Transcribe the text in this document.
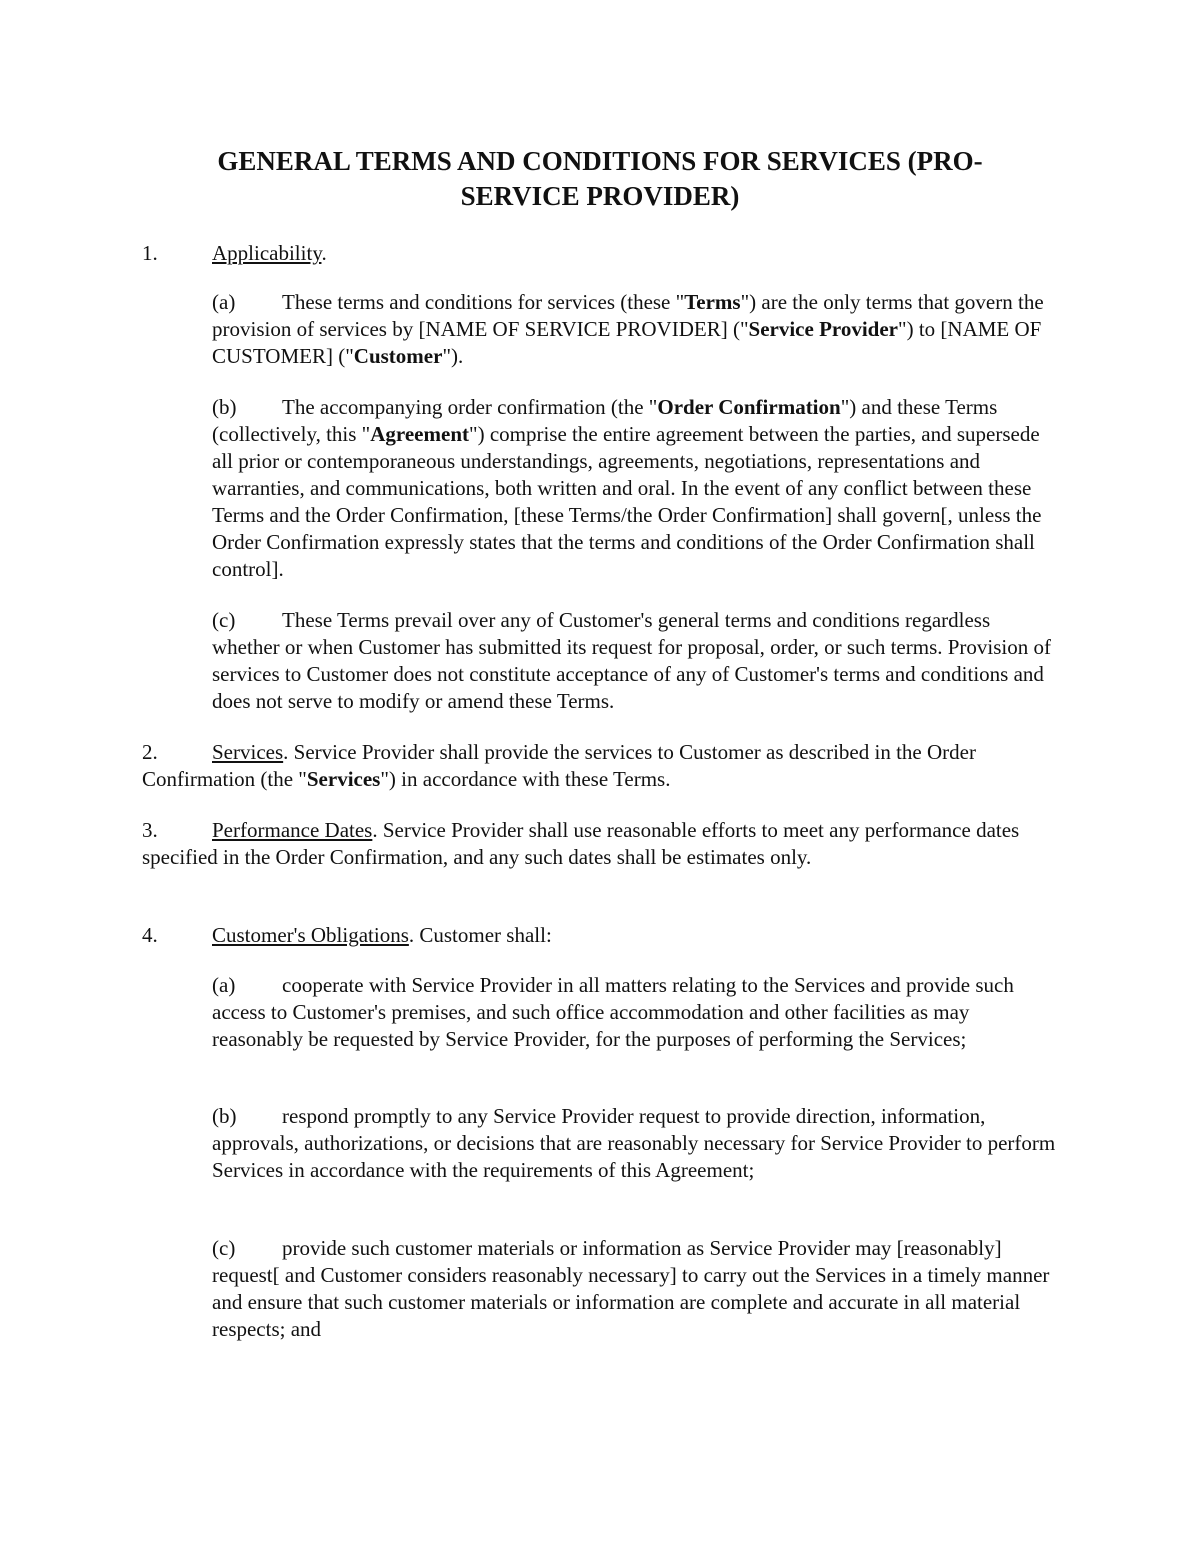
GENERAL TERMS AND CONDITIONS FOR SERVICES (PRO-
SERVICE PROVIDER)

1.	Applicability.

(a) These terms and conditions for services (these "Terms") are the only terms that govern the provision of services by [NAME OF SERVICE PROVIDER] ("Service Provider") to [NAME OF CUSTOMER] ("Customer").

(b) The accompanying order confirmation (the "Order Confirmation") and these Terms (collectively, this "Agreement") comprise the entire agreement between the parties, and supersede all prior or contemporaneous understandings, agreements, negotiations, representations and warranties, and communications, both written and oral. In the event of any conflict between these Terms and the Order Confirmation, [these Terms/the Order Confirmation] shall govern[, unless the Order Confirmation expressly states that the terms and conditions of the Order Confirmation shall control].

(c) These Terms prevail over any of Customer's general terms and conditions regardless whether or when Customer has submitted its request for proposal, order, or such terms. Provision of services to Customer does not constitute acceptance of any of Customer's terms and conditions and does not serve to modify or amend these Terms.

2.	Services. Service Provider shall provide the services to Customer as described in the Order Confirmation (the "Services") in accordance with these Terms.

3.	Performance Dates. Service Provider shall use reasonable efforts to meet any performance dates specified in the Order Confirmation, and any such dates shall be estimates only.

4.	Customer's Obligations. Customer shall:

(a) cooperate with Service Provider in all matters relating to the Services and provide such access to Customer's premises, and such office accommodation and other facilities as may reasonably be requested by Service Provider, for the purposes of performing the Services;

(b) respond promptly to any Service Provider request to provide direction, information, approvals, authorizations, or decisions that are reasonably necessary for Service Provider to perform Services in accordance with the requirements of this Agreement;

(c) provide such customer materials or information as Service Provider may [reasonably] request[ and Customer considers reasonably necessary] to carry out the Services in a timely manner and ensure that such customer materials or information are complete and accurate in all material respects; and
